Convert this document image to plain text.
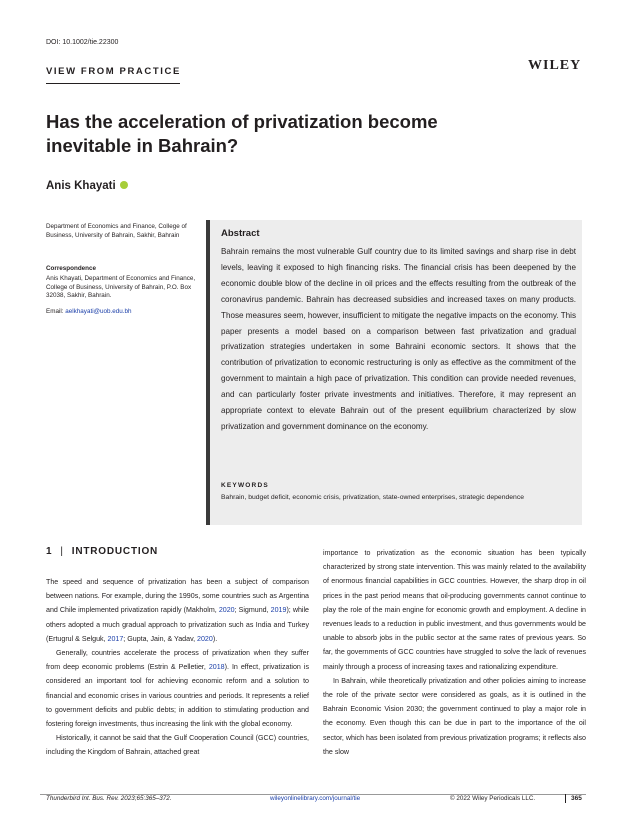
DOI: 10.1002/tie.22300
VIEW FROM PRACTICE	WILEY
Has the acceleration of privatization become inevitable in Bahrain?
Anis Khayati
Department of Economics and Finance, College of Business, University of Bahrain, Sakhir, Bahrain
Correspondence
Anis Khayati, Department of Economics and Finance, College of Business, University of Bahrain, P.O. Box 32038, Sakhir, Bahrain.
Email: aelkhayati@uob.edu.bh
Abstract
Bahrain remains the most vulnerable Gulf country due to its limited savings and sharp rise in debt levels, leaving it exposed to high financing risks. The financial crisis has been deepened by the economic double blow of the decline in oil prices and the effects resulting from the outbreak of the coronavirus pandemic. Bahrain has decreased subsidies and increased taxes on many products. Those measures seem, however, insufficient to mitigate the negative impacts on the economy. This paper presents a model based on a comparison between fast privatization and gradual privatization strategies undertaken in some Bahraini economic sectors. It shows that the contribution of privatization to economic restructuring is only as effective as the commitment of the government to maintain a high pace of privatization. This condition can provide needed revenues, and can particularly foster private investments and initiatives. Therefore, it may represent an appropriate context to elevate Bahrain out of the present equilibrium characterized by slow privatization and government dominance on the economy.
KEYWORDS
Bahrain, budget deficit, economic crisis, privatization, state-owned enterprises, strategic dependence
1 | INTRODUCTION

The speed and sequence of privatization has been a subject of comparison between nations. For example, during the 1990s, some countries such as Argentina and Chile implemented privatization rapidly (Makholm, 2020; Sigmund, 2019); while others adopted a much gradual approach to privatization such as India and Turkey (Ertugrul & Selguk, 2017; Gupta, Jain, & Yadav, 2020).

Generally, countries accelerate the process of privatization when they suffer from deep economic problems (Estrin & Pelletier, 2018). In effect, privatization is considered an important tool for achieving economic reform and a solution to financial and economic crises in various countries and periods. It represents a relief to government deficits and public debts; in addition to stimulating production and fostering foreign investments, thus increasing the link with the global economy.

Historically, it cannot be said that the Gulf Cooperation Council (GCC) countries, including the Kingdom of Bahrain, attached great

importance to privatization as the economic situation has been typically characterized by strong state intervention. This was mainly related to the availability of enormous financial capabilities in GCC countries. However, the sharp drop in oil prices in the past period means that oil-producing governments cannot continue to play the role of the main engine for economic growth and employment. A decline in revenues leads to a reduction in public investment, and thus governments would be unable to absorb jobs in the public sector at the same rates of previous years. So far, the governments of GCC countries have struggled to solve the lack of revenues mainly through a process of increasing taxes and rationalizing expenditure.

In Bahrain, while theoretically privatization and other policies aiming to increase the role of the private sector were considered as goals, as it is outlined in the Bahrain Economic Vision 2030; the government continued to play a major role in the economy. Even though this can be due in part to the importance of the oil sector, which has been isolated from previous privatization programs; it reflects also the slow

Thunderbird Int. Bus. Rev. 2023;65:365–372.	wileyonlinelibrary.com/journal/tie	© 2022 Wiley Periodicals LLC.	365
